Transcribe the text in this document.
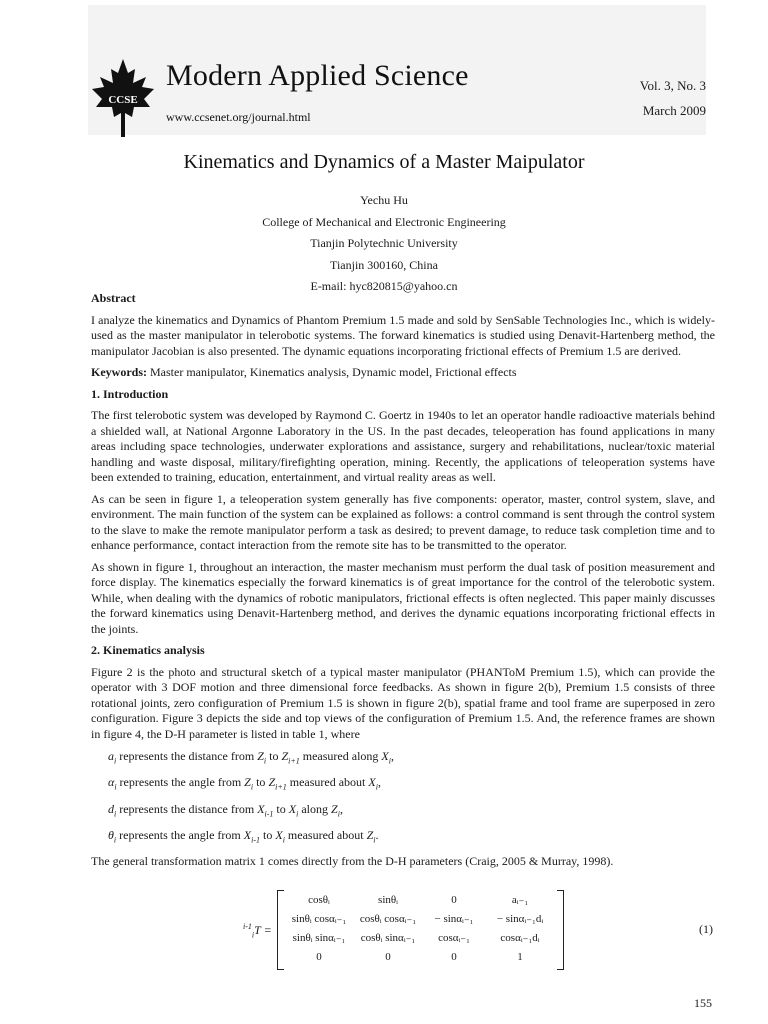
CCSE
Modern Applied Science
www.ccsenet.org/journal.html
Vol. 3, No. 3
March 2009
Kinematics and Dynamics of a Master Maipulator
Yechu Hu
College of Mechanical and Electronic Engineering
Tianjin Polytechnic University
Tianjin 300160, China
E-mail: hyc820815@yahoo.cn
Abstract

I analyze the kinematics and Dynamics of Phantom Premium 1.5 made and sold by SenSable Technologies Inc., which is widely-used as the master manipulator in telerobotic systems. The forward kinematics is studied using Denavit-Hartenberg method, the manipulator Jacobian is also presented. The dynamic equations incorporating frictional effects of Premium 1.5 are derived.

Keywords: Master manipulator, Kinematics analysis, Dynamic model, Frictional effects

1. Introduction

The first telerobotic system was developed by Raymond C. Goertz in 1940s to let an operator handle radioactive materials behind a shielded wall, at National Argonne Laboratory in the US. In the past decades, teleoperation has found applications in many areas including space technologies, underwater explorations and assistance, surgery and rehabilitations, nuclear/toxic material handling and waste disposal, military/firefighting operation, mining. Recently, the applications of teleoperation systems have been extended to training, education, entertainment, and virtual reality areas as well.

As can be seen in figure 1, a teleoperation system generally has five components: operator, master, control system, slave, and environment. The main function of the system can be explained as follows: a control command is sent through the control system to the slave to make the remote manipulator perform a task as desired; to prevent damage, to reduce task completion time and to enhance performance, contact interaction from the remote site has to be transmitted to the operator.

As shown in figure 1, throughout an interaction, the master mechanism must perform the dual task of position measurement and force display. The kinematics especially the forward kinematics is of great importance for the control of the telerobotic system. While, when dealing with the dynamics of robotic manipulators, frictional effects is often neglected. This paper mainly discusses the forward kinematics using Denavit-Hartenberg method, and derives the dynamic equations incorporating frictional effects in the joints.

2. Kinematics analysis

Figure 2 is the photo and structural sketch of a typical master manipulator (PHANToM Premium 1.5), which can provide the operator with 3 DOF motion and three dimensional force feedbacks. As shown in figure 2(b), Premium 1.5 consists of three rotational joints, zero configuration of Premium 1.5 is shown in figure 2(b), spatial frame and tool frame are superposed in zero configuration. Figure 3 depicts the side and top views of the configuration of Premium 1.5. And, the reference frames are shown in figure 4, the D-H parameter is listed in table 1, where

$a_i$ represents the distance from $Z_i$ to $Z_{i+1}$ measured along $X_i$,
$\alpha_i$ represents the angle from $Z_i$ to $Z_{i+1}$ measured about $X_i$,
$d_i$ represents the distance from $X_{i-1}$ to $X_i$ along $Z_i$,
$\theta_i$ represents the angle from $X_{i-1}$ to $X_i$ measured about $Z_i$.

The general transformation matrix 1 comes directly from the D-H parameters (Craig, 2005 & Murray, 1998).

$^{i-1}_i$T =
cosθᵢ	sinθᵢ	0	aᵢ₋₁
sinθᵢ cosαᵢ₋₁	cosθᵢ cosαᵢ₋₁	− sinαᵢ₋₁	− sinαᵢ₋₁dᵢ
sinθᵢ sinαᵢ₋₁	cosθᵢ sinαᵢ₋₁	cosαᵢ₋₁	cosαᵢ₋₁dᵢ
0	0	0	1
(1)
155
